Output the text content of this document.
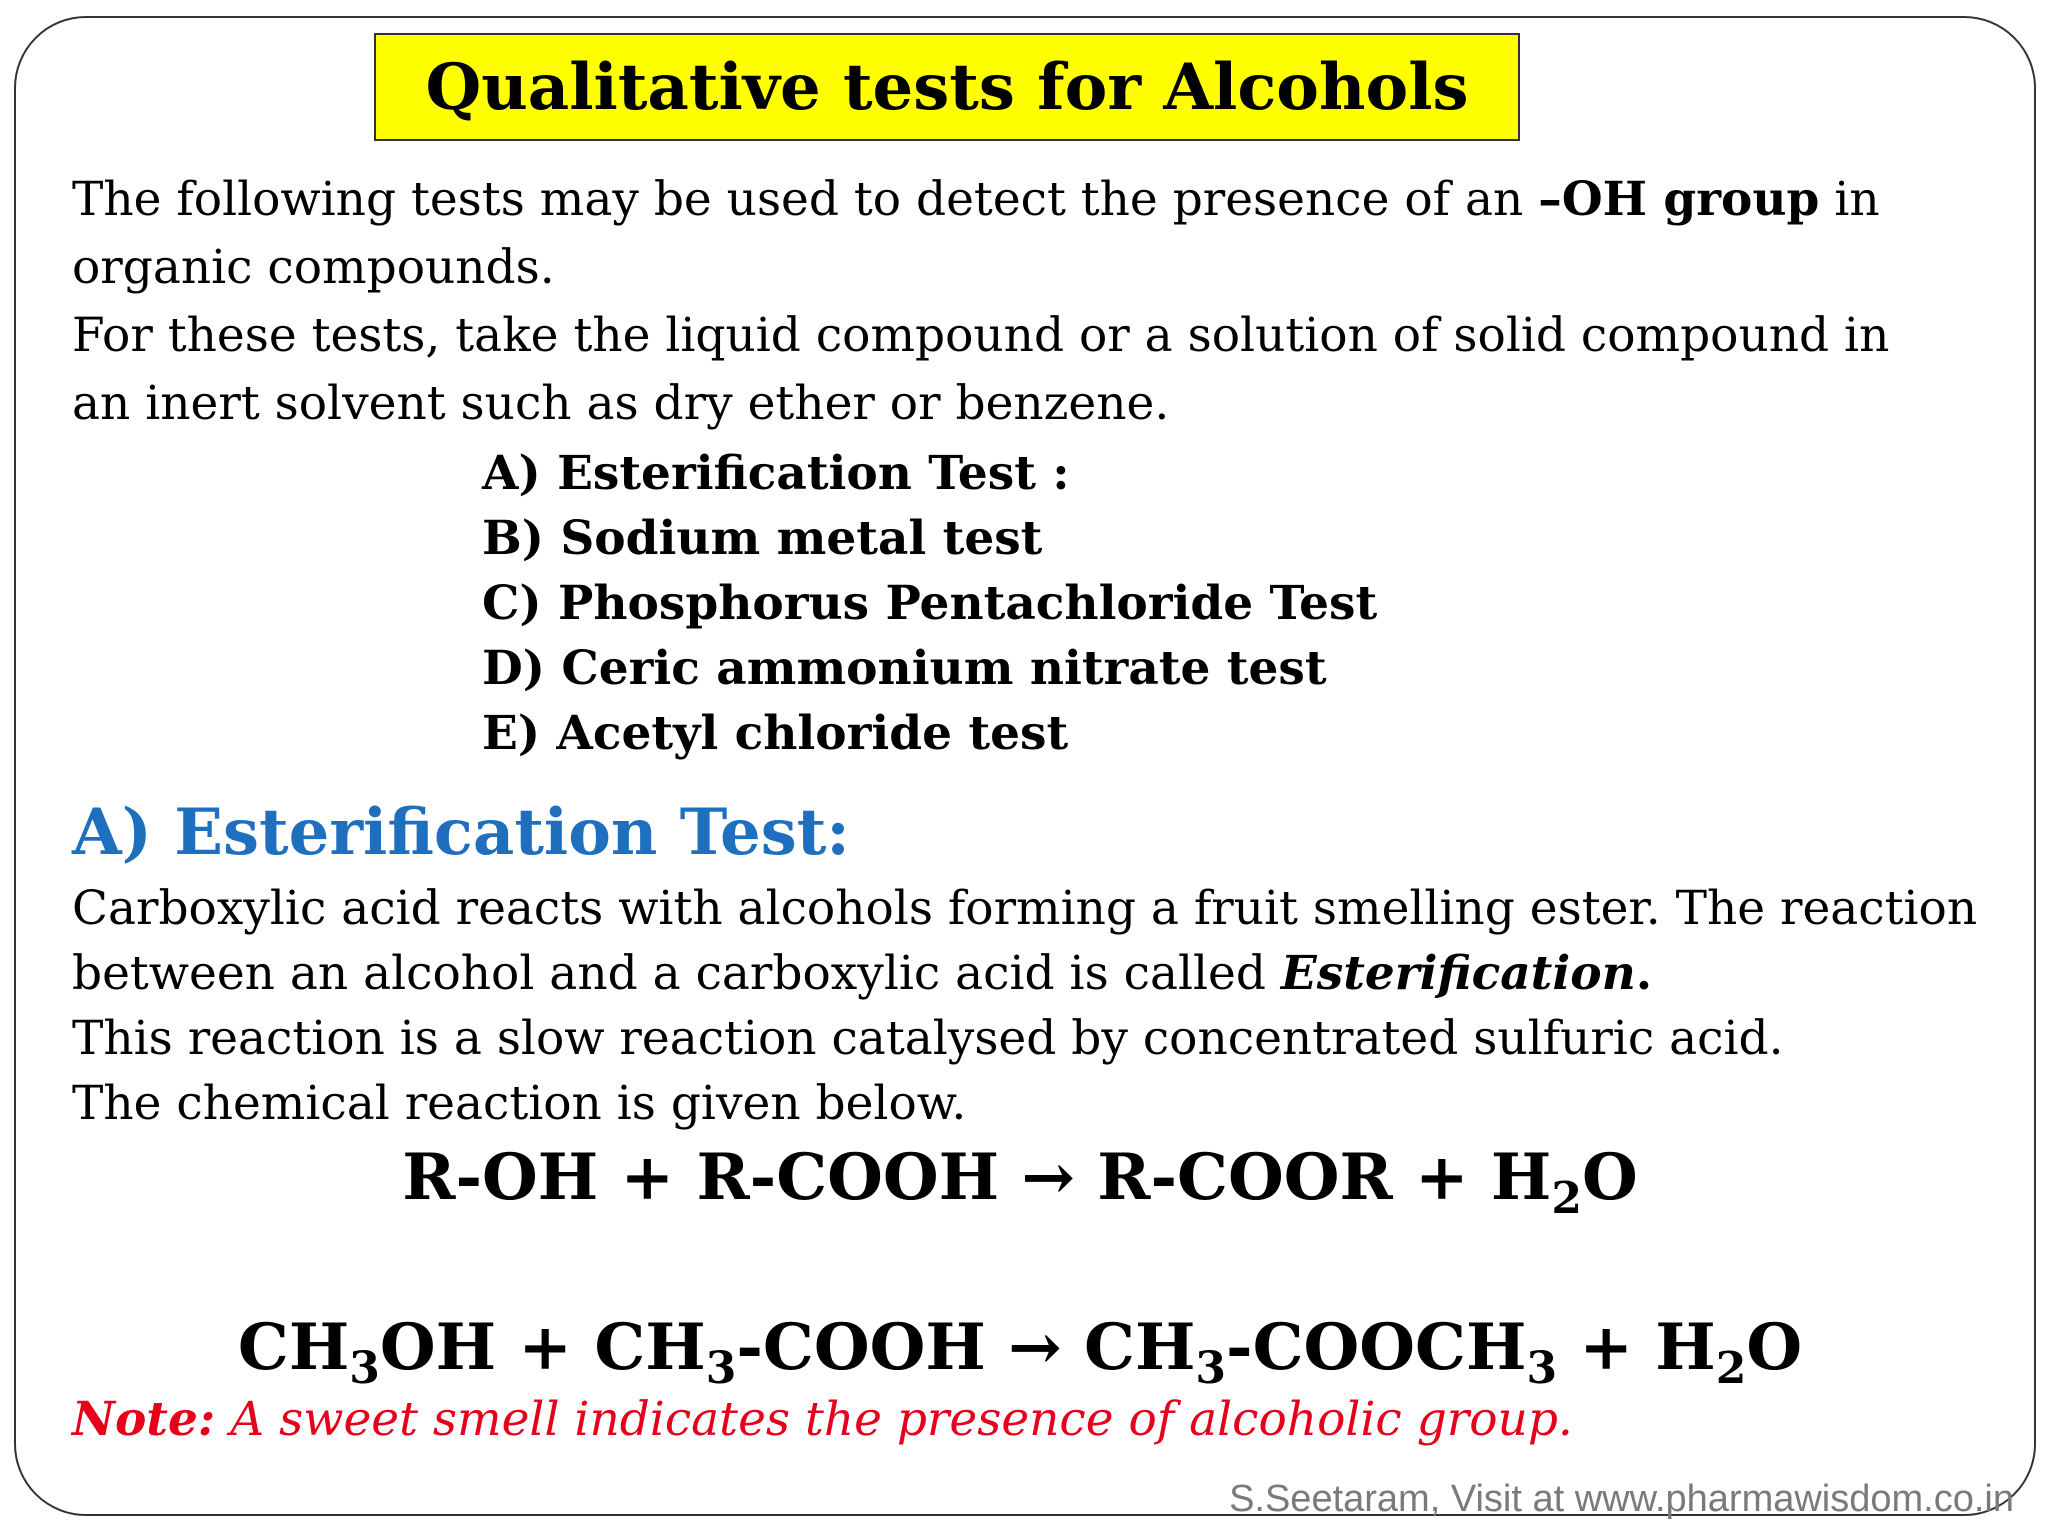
Qualitative tests for Alcohols
The following tests may be used to detect the presence of an –OH group in
organic compounds.
For these tests, take the liquid compound or a solution of solid compound in
an inert solvent such as dry ether or benzene.
A) Esterification Test :
B) Sodium metal test
C) Phosphorus Pentachloride Test
D) Ceric ammonium nitrate test
E) Acetyl chloride test
A) Esterification Test:
Carboxylic acid reacts with alcohols forming a fruit smelling ester. The reaction
between an alcohol and a carboxylic acid is called Esterification.
This reaction is a slow reaction catalysed by concentrated sulfuric acid.
The chemical reaction is given below.
R-OH + R-COOH → R-COOR + $H_2O$
$CH_3OH$ + $CH_3$-COOH → $CH_3-COOCH_3 + H_2O$
Note: A sweet smell indicates the presence of alcoholic group.
S.Seetaram, Visit at www.pharmawisdom.co.in
